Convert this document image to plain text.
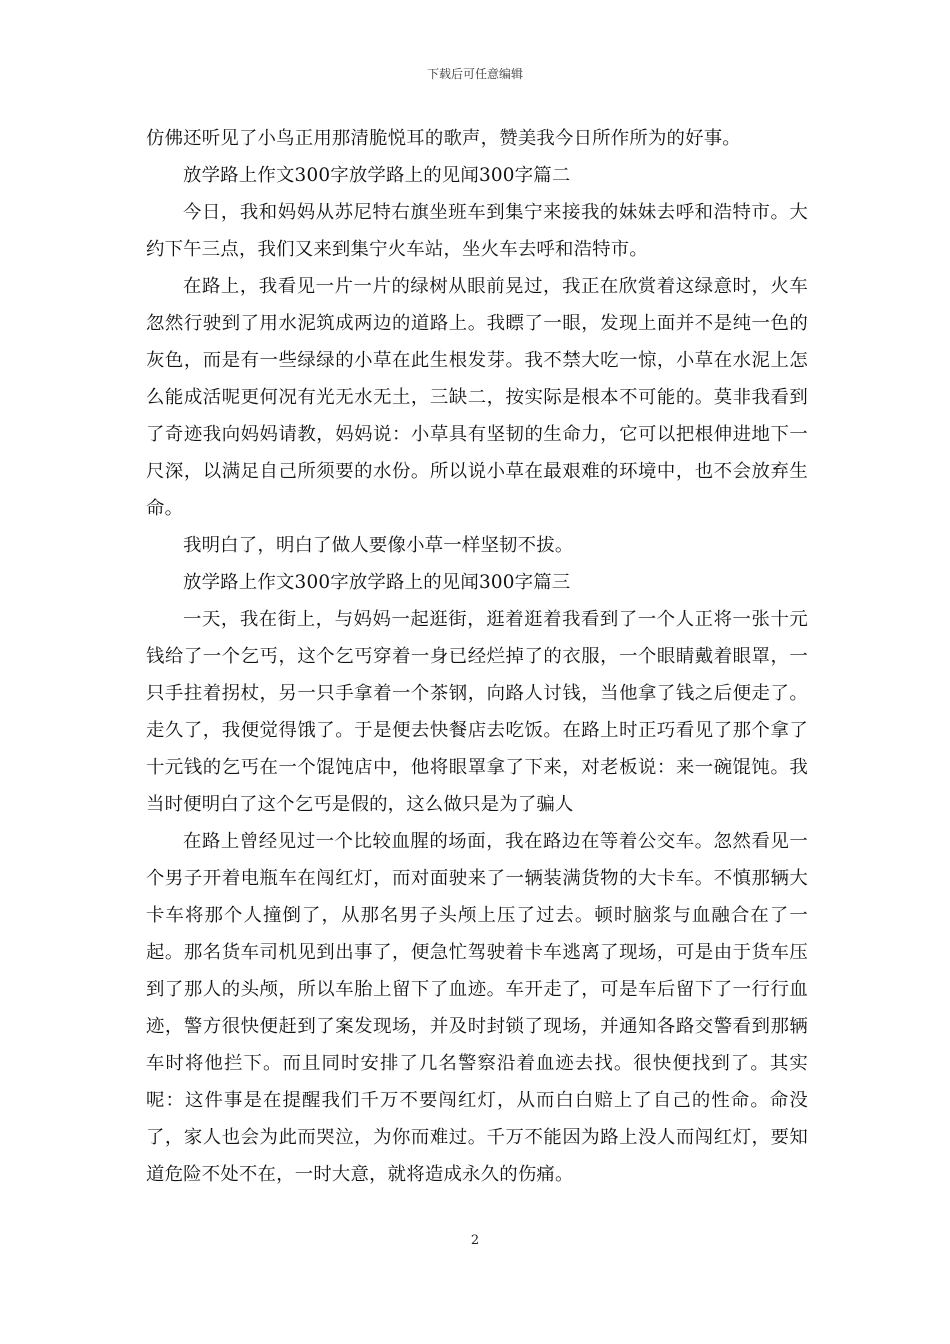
下载后可任意编辑

仿佛还听见了小鸟正用那清脆悦耳的歌声，赞美我今日所作所为的好事。

放学路上作文300字放学路上的见闻300字篇二

今日，我和妈妈从苏尼特右旗坐班车到集宁来接我的妹妹去呼和浩特市。大约下午三点，我们又来到集宁火车站，坐火车去呼和浩特市。

在路上，我看见一片一片的绿树从眼前晃过，我正在欣赏着这绿意时，火车忽然行驶到了用水泥筑成两边的道路上。我瞟了一眼，发现上面并不是纯一色的灰色，而是有一些绿绿的小草在此生根发芽。我不禁大吃一惊，小草在水泥上怎么能成活呢更何况有光无水无土，三缺二，按实际是根本不可能的。莫非我看到了奇迹我向妈妈请教，妈妈说：小草具有坚韧的生命力，它可以把根伸进地下一尺深，以满足自己所须要的水份。所以说小草在最艰难的环境中，也不会放弃生命。

我明白了，明白了做人要像小草一样坚韧不拔。

放学路上作文300字放学路上的见闻300字篇三

一天，我在街上，与妈妈一起逛街，逛着逛着我看到了一个人正将一张十元钱给了一个乞丐，这个乞丐穿着一身已经烂掉了的衣服，一个眼睛戴着眼罩，一只手拄着拐杖，另一只手拿着一个茶钢，向路人讨钱，当他拿了钱之后便走了。走久了，我便觉得饿了。于是便去快餐店去吃饭。在路上时正巧看见了那个拿了十元钱的乞丐在一个馄饨店中，他将眼罩拿了下来，对老板说：来一碗馄饨。我当时便明白了这个乞丐是假的，这么做只是为了骗人

在路上曾经见过一个比较血腥的场面，我在路边在等着公交车。忽然看见一个男子开着电瓶车在闯红灯，而对面驶来了一辆装满货物的大卡车。不慎那辆大卡车将那个人撞倒了，从那名男子头颅上压了过去。顿时脑浆与血融合在了一起。那名货车司机见到出事了，便急忙驾驶着卡车逃离了现场，可是由于货车压到了那人的头颅，所以车胎上留下了血迹。车开走了，可是车后留下了一行行血迹，警方很快便赶到了案发现场，并及时封锁了现场，并通知各路交警看到那辆车时将他拦下。而且同时安排了几名警察沿着血迹去找。很快便找到了。其实呢：这件事是在提醒我们千万不要闯红灯，从而白白赔上了自己的性命。命没了，家人也会为此而哭泣，为你而难过。千万不能因为路上没人而闯红灯，要知道危险不处不在，一时大意，就将造成永久的伤痛。

2
